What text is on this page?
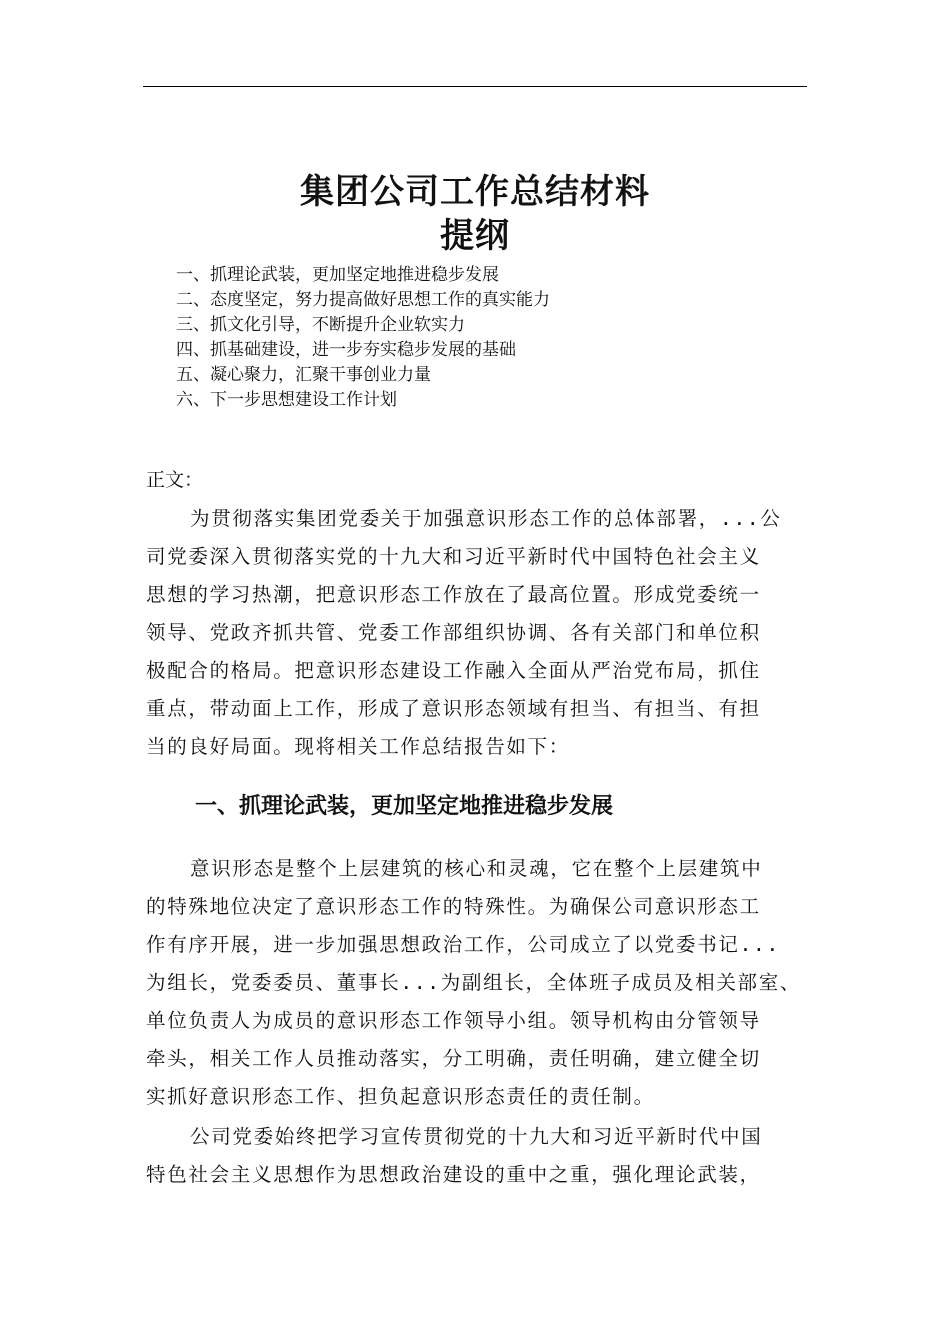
集团公司工作总结材料
提纲
一、抓理论武装，更加坚定地推进稳步发展
二、态度坚定，努力提高做好思想工作的真实能力
三、抓文化引导，不断提升企业软实力
四、抓基础建设，进一步夯实稳步发展的基础
五、凝心聚力，汇聚干事创业力量
六、下一步思想建设工作计划
正文：
为贯彻落实集团党委关于加强意识形态工作的总体部署，...公
司党委深入贯彻落实党的十九大和习近平新时代中国特色社会主义
思想的学习热潮，把意识形态工作放在了最高位置。形成党委统一
领导、党政齐抓共管、党委工作部组织协调、各有关部门和单位积
极配合的格局。把意识形态建设工作融入全面从严治党布局，抓住
重点，带动面上工作，形成了意识形态领域有担当、有担当、有担
当的良好局面。现将相关工作总结报告如下：
一、抓理论武装，更加坚定地推进稳步发展
意识形态是整个上层建筑的核心和灵魂，它在整个上层建筑中
的特殊地位决定了意识形态工作的特殊性。为确保公司意识形态工
作有序开展，进一步加强思想政治工作，公司成立了以党委书记...
为组长，党委委员、董事长...为副组长，全体班子成员及相关部室、
单位负责人为成员的意识形态工作领导小组。领导机构由分管领导
牵头，相关工作人员推动落实，分工明确，责任明确，建立健全切
实抓好意识形态工作、担负起意识形态责任的责任制。
公司党委始终把学习宣传贯彻党的十九大和习近平新时代中国
特色社会主义思想作为思想政治建设的重中之重，强化理论武装，
